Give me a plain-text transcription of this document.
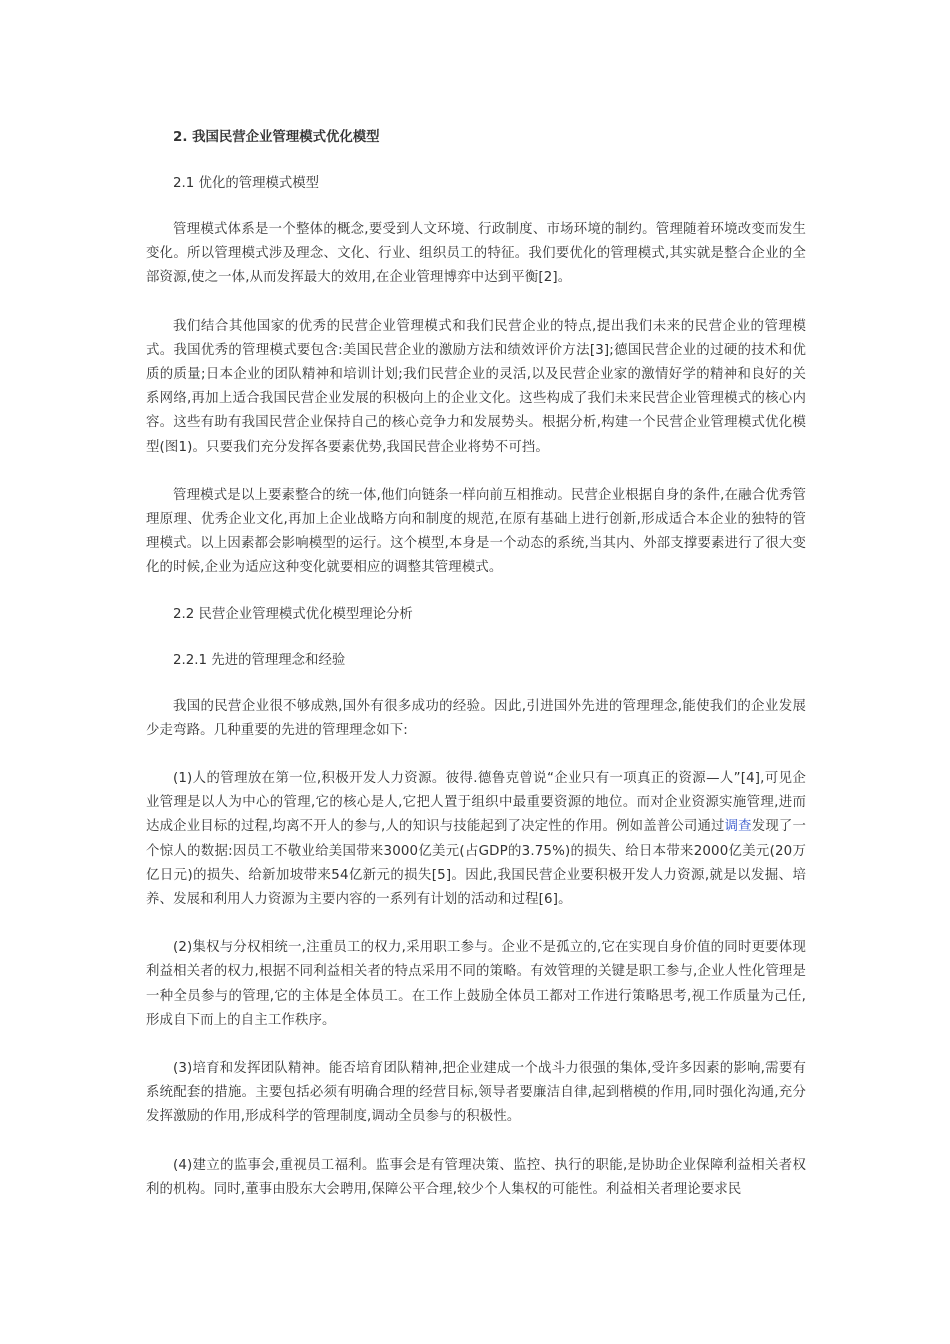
2. 我国民营企业管理模式优化模型

2.1 优化的管理模式模型

管理模式体系是一个整体的概念,要受到人文环境、行政制度、市场环境的制约。管理随着环境改变而发生变化。所以管理模式涉及理念、文化、行业、组织员工的特征。我们要优化的管理模式,其实就是整合企业的全部资源,使之一体,从而发挥最大的效用,在企业管理博弈中达到平衡[2]。

我们结合其他国家的优秀的民营企业管理模式和我们民营企业的特点,提出我们未来的民营企业的管理模式。我国优秀的管理模式要包含:美国民营企业的激励方法和绩效评价方法[3];德国民营企业的过硬的技术和优质的质量;日本企业的团队精神和培训计划;我们民营企业的灵活,以及民营企业家的激情好学的精神和良好的关系网络,再加上适合我国民营企业发展的积极向上的企业文化。这些构成了我们未来民营企业管理模式的核心内容。这些有助有我国民营企业保持自己的核心竞争力和发展势头。根据分析,构建一个民营企业管理模式优化模型(图1)。只要我们充分发挥各要素优势,我国民营企业将势不可挡。

管理模式是以上要素整合的统一体,他们向链条一样向前互相推动。民营企业根据自身的条件,在融合优秀管理原理、优秀企业文化,再加上企业战略方向和制度的规范,在原有基础上进行创新,形成适合本企业的独特的管理模式。以上因素都会影响模型的运行。这个模型,本身是一个动态的系统,当其内、外部支撑要素进行了很大变化的时候,企业为适应这种变化就要相应的调整其管理模式。

2.2 民营企业管理模式优化模型理论分析

2.2.1 先进的管理理念和经验

我国的民营企业很不够成熟,国外有很多成功的经验。因此,引进国外先进的管理理念,能使我们的企业发展少走弯路。几种重要的先进的管理理念如下:

(1)人的管理放在第一位,积极开发人力资源。彼得.德鲁克曾说“企业只有一项真正的资源—人”[4],可见企业管理是以人为中心的管理,它的核心是人,它把人置于组织中最重要资源的地位。而对企业资源实施管理,进而达成企业目标的过程,均离不开人的参与,人的知识与技能起到了决定性的作用。例如盖普公司通过调查发现了一个惊人的数据:因员工不敬业给美国带来3000亿美元(占GDP的3.75%)的损失、给日本带来2000亿美元(20万亿日元)的损失、给新加坡带来54亿新元的损失[5]。因此,我国民营企业要积极开发人力资源,就是以发掘、培养、发展和利用人力资源为主要内容的一系列有计划的活动和过程[6]。

(2)集权与分权相统一,注重员工的权力,采用职工参与。企业不是孤立的,它在实现自身价值的同时更要体现利益相关者的权力,根据不同利益相关者的特点采用不同的策略。有效管理的关键是职工参与,企业人性化管理是一种全员参与的管理,它的主体是全体员工。在工作上鼓励全体员工都对工作进行策略思考,视工作质量为己任,形成自下而上的自主工作秩序。

(3)培育和发挥团队精神。能否培育团队精神,把企业建成一个战斗力很强的集体,受许多因素的影响,需要有系统配套的措施。主要包括必须有明确合理的经营目标,领导者要廉洁自律,起到楷模的作用,同时强化沟通,充分发挥激励的作用,形成科学的管理制度,调动全员参与的积极性。

(4)建立的监事会,重视员工福利。监事会是有管理决策、监控、执行的职能,是协助企业保障利益相关者权利的机构。同时,董事由股东大会聘用,保障公平合理,较少个人集权的可能性。利益相关者理论要求民
